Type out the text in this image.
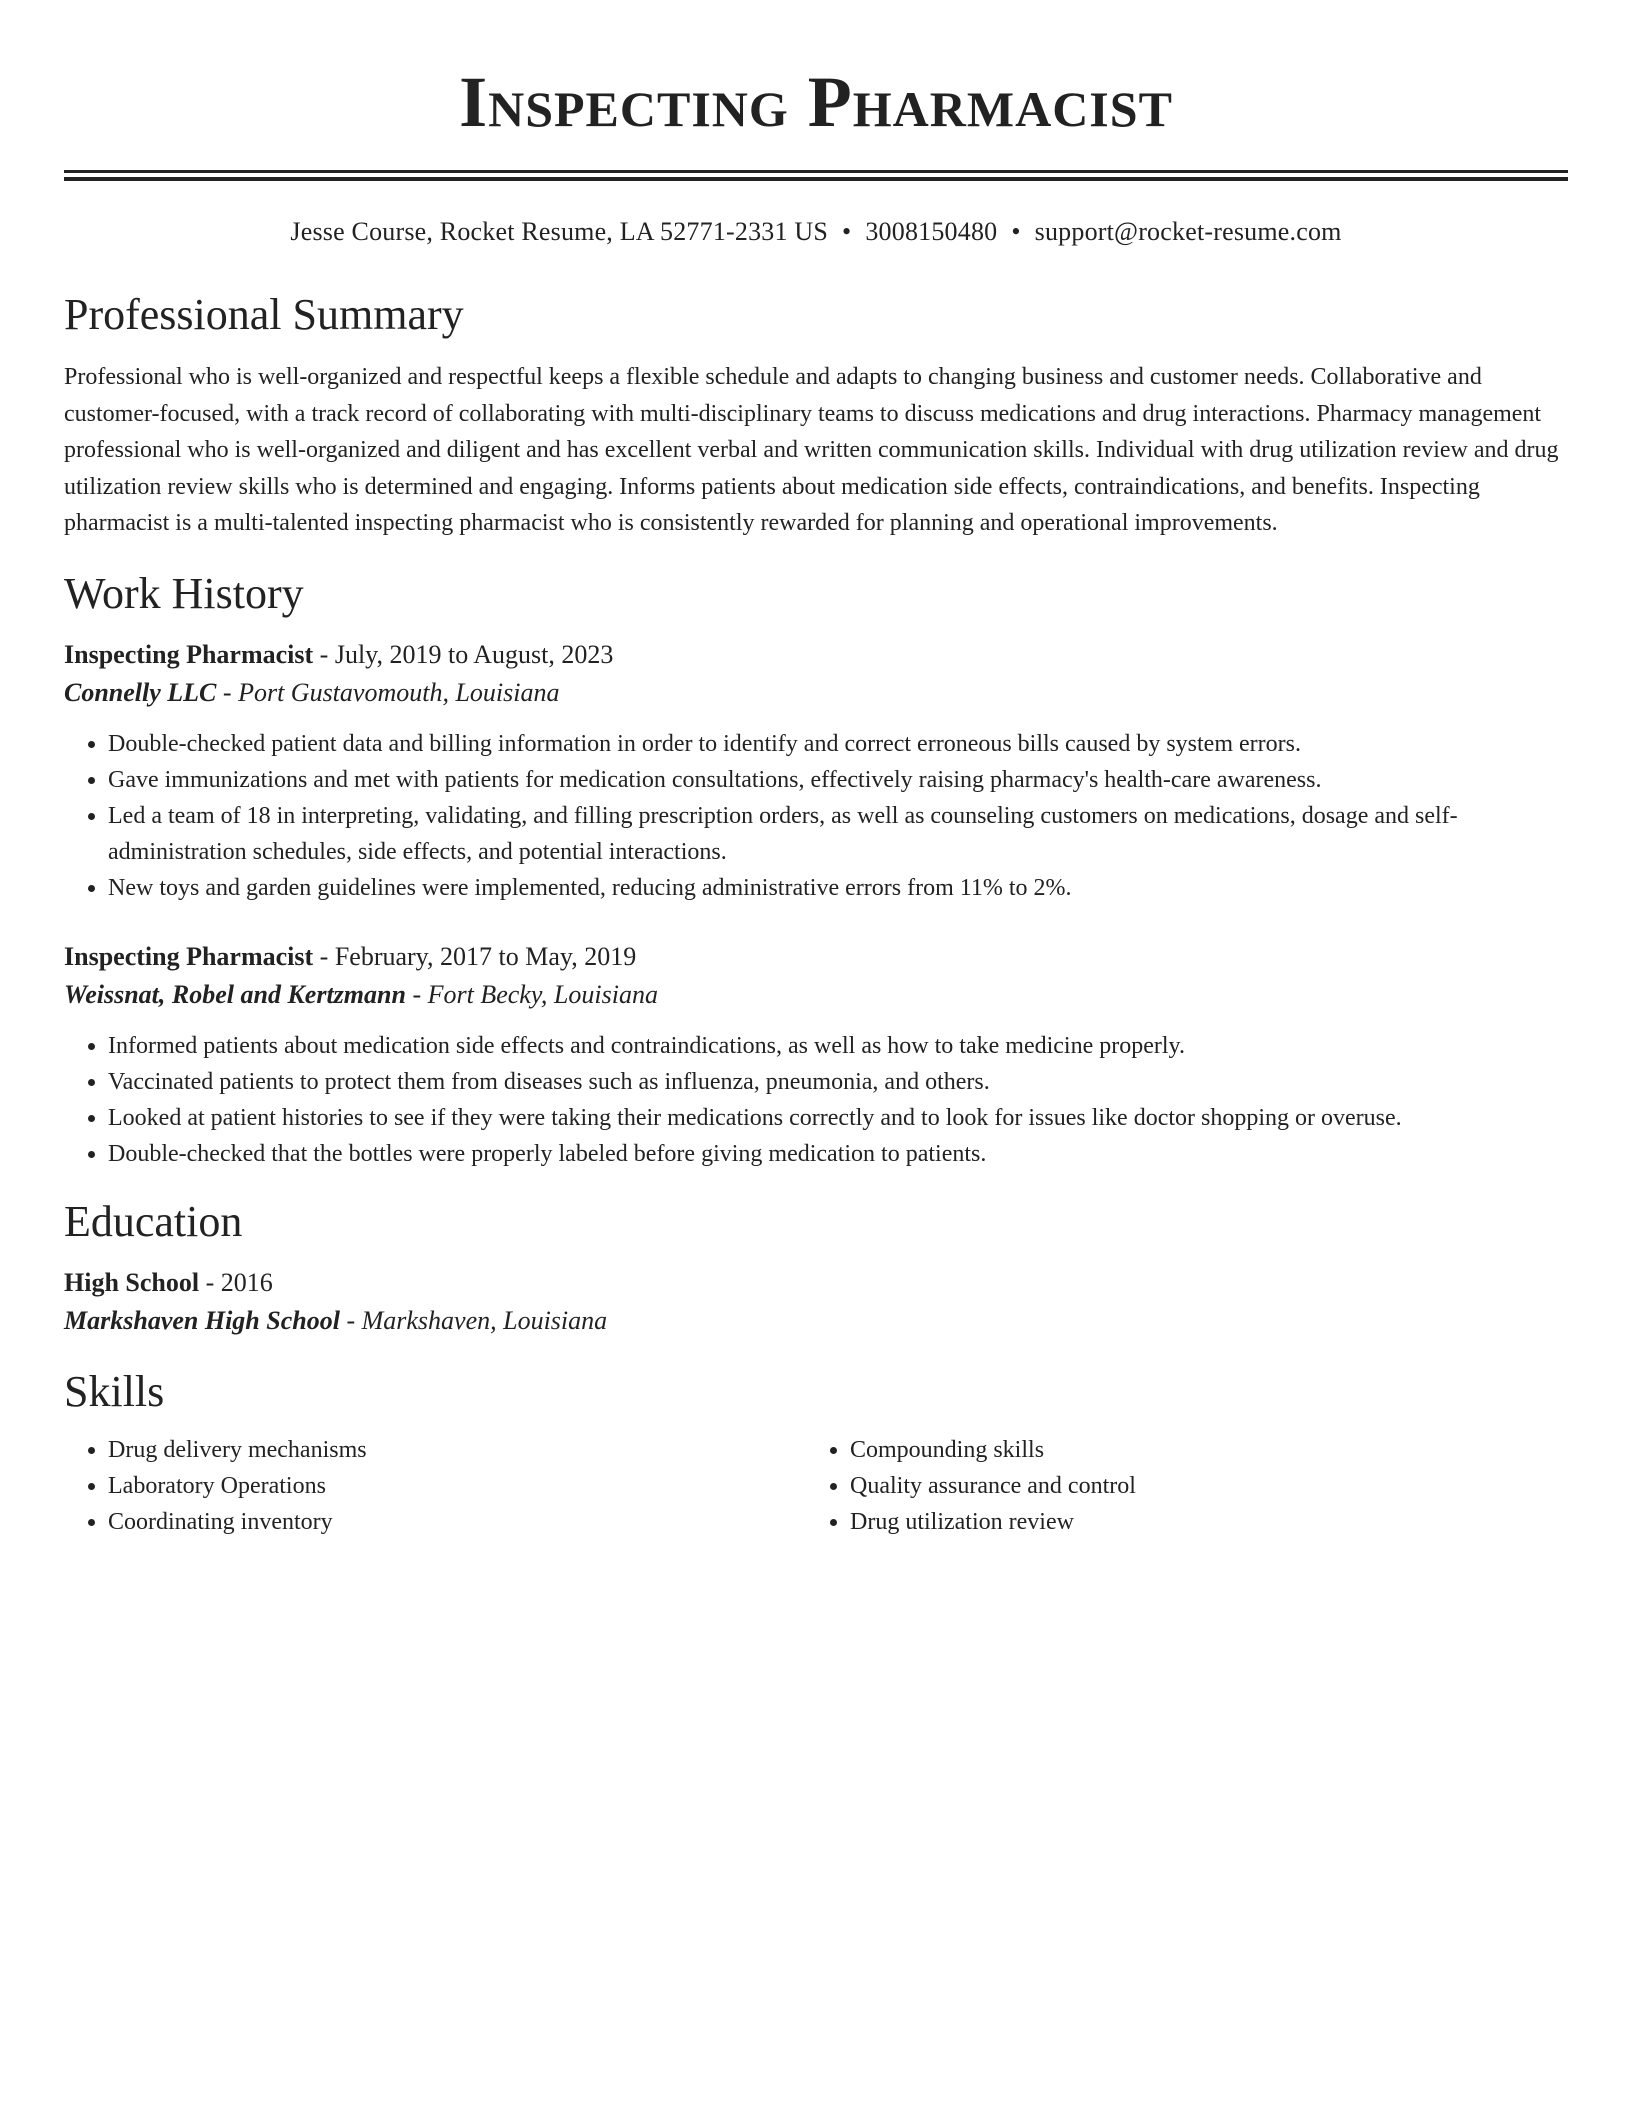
Inspecting Pharmacist
Jesse Course, Rocket Resume, LA 52771-2331 US • 3008150480 • support@rocket-resume.com
Professional Summary

Professional who is well-organized and respectful keeps a flexible schedule and adapts to changing business and customer needs. Collaborative and customer-focused, with a track record of collaborating with multi-disciplinary teams to discuss medications and drug interactions. Pharmacy management professional who is well-organized and diligent and has excellent verbal and written communication skills. Individual with drug utilization review and drug utilization review skills who is determined and engaging. Informs patients about medication side effects, contraindications, and benefits. Inspecting pharmacist is a multi-talented inspecting pharmacist who is consistently rewarded for planning and operational improvements.

Work History
Inspecting Pharmacist - July, 2019 to August, 2023
Connelly LLC - Port Gustavomouth, Louisiana
• Double-checked patient data and billing information in order to identify and correct erroneous bills caused by system errors.
• Gave immunizations and met with patients for medication consultations, effectively raising pharmacy's health-care awareness.
• Led a team of 18 in interpreting, validating, and filling prescription orders, as well as counseling customers on medications, dosage and self-administration schedules, side effects, and potential interactions.
• New toys and garden guidelines were implemented, reducing administrative errors from 11% to 2%.
Inspecting Pharmacist - February, 2017 to May, 2019
Weissnat, Robel and Kertzmann - Fort Becky, Louisiana
• Informed patients about medication side effects and contraindications, as well as how to take medicine properly.
• Vaccinated patients to protect them from diseases such as influenza, pneumonia, and others.
• Looked at patient histories to see if they were taking their medications correctly and to look for issues like doctor shopping or overuse.
• Double-checked that the bottles were properly labeled before giving medication to patients.
Education
High School - 2016
Markshaven High School - Markshaven, Louisiana
Skills
• Drug delivery mechanisms
• Laboratory Operations
• Coordinating inventory
• Compounding skills
• Quality assurance and control
• Drug utilization review
